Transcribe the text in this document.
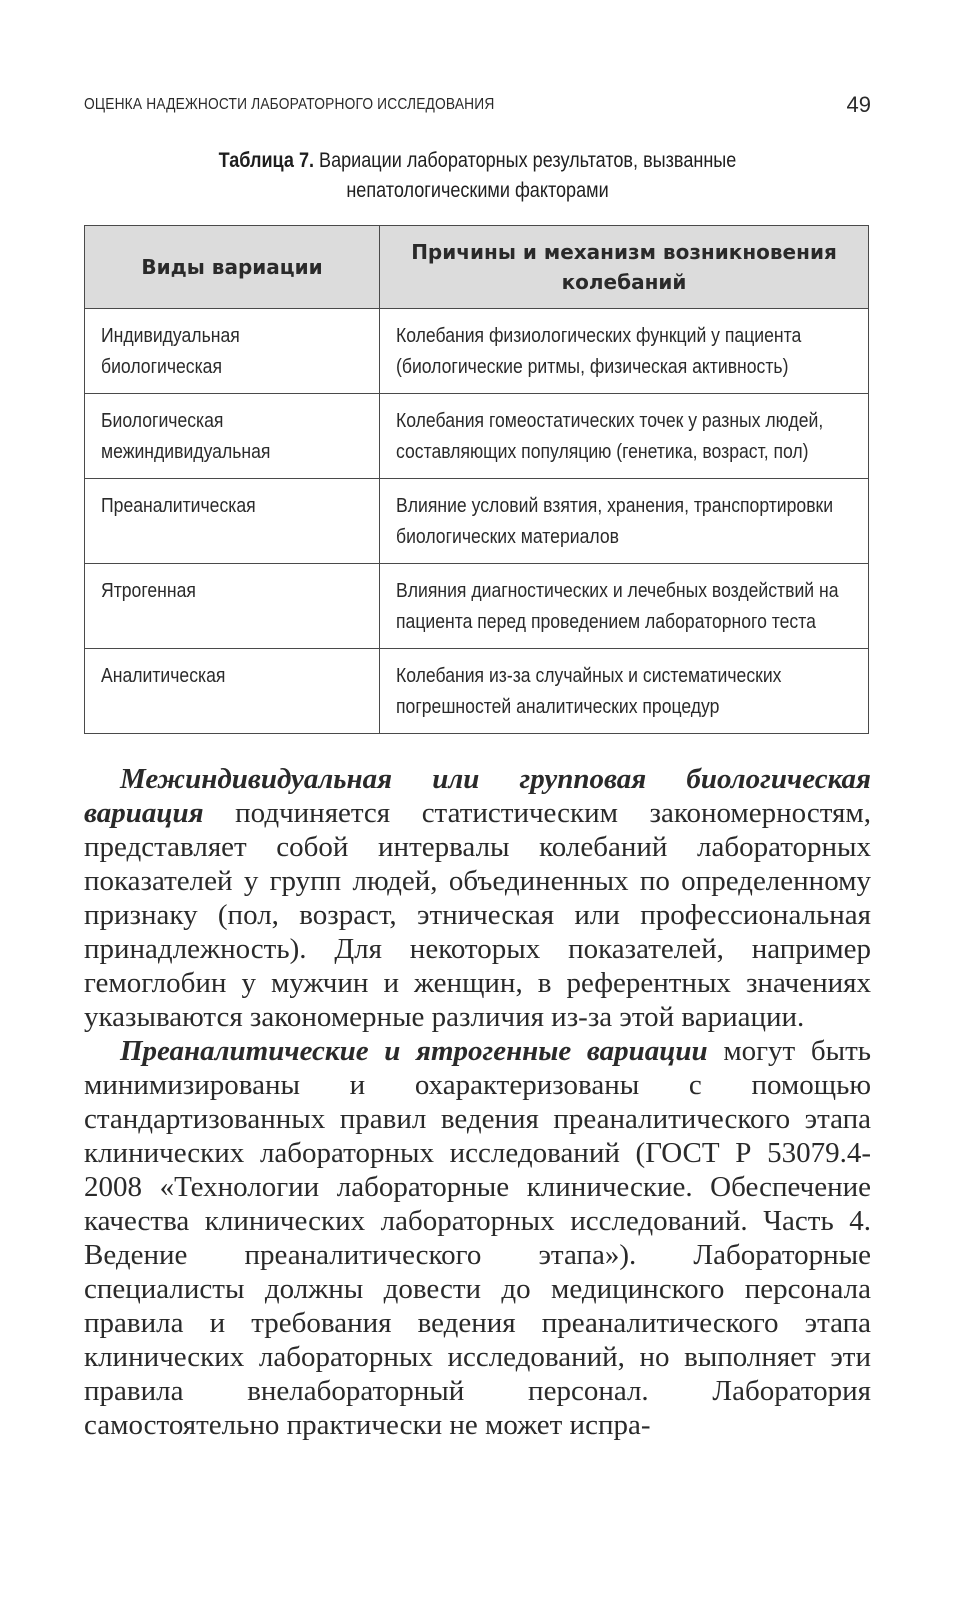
ОЦЕНКА НАДЕЖНОСТИ ЛАБОРАТОРНОГО ИССЛЕДОВАНИЯ	49
Таблица 7. Вариации лабораторных результатов, вызванные непатологическими факторами
Виды вариации	Причины и механизм возникновения колебаний

Индивидуальная биологическая	Колебания физиологических функций у пациента (биологические ритмы, физическая активность)

Биологическая межиндивидуальная	Колебания гомеостатических точек у разных людей, составляющих популяцию (генетика, возраст, пол)

Преаналитическая	Влияние условий взятия, хранения, транспортировки биологических материалов

Ятрогенная	Влияния диагностических и лечебных воздействий на пациента перед проведением лабораторного теста

Аналитическая	Колебания из-за случайных и систематических погрешностей аналитических процедур

Межиндивидуальная или групповая биологическая вариация подчиняется статистическим закономерностям, представляет собой интервалы колебаний лабораторных показателей у групп людей, объединенных по определенному признаку (пол, возраст, этническая или профессиональная принадлежность). Для некоторых показателей, например гемоглобин у мужчин и женщин, в референтных значениях указываются закономерные различия из-за этой вариации.

Преаналитические и ятрогенные вариации могут быть минимизированы и охарактеризованы с помощью стандартизованных правил ведения преаналитического этапа клинических лабораторных исследований (ГОСТ Р 53079.4-2008 «Технологии лабораторные клинические. Обеспечение качества клинических лабораторных исследований. Часть 4. Ведение преаналитического этапа»). Лабораторные специалисты должны довести до медицинского персонала правила и требования ведения преаналитического этапа клинических лабораторных исследований, но выполняет эти правила внелабораторный персонал. Лаборатория самостоятельно практически не может испра-
